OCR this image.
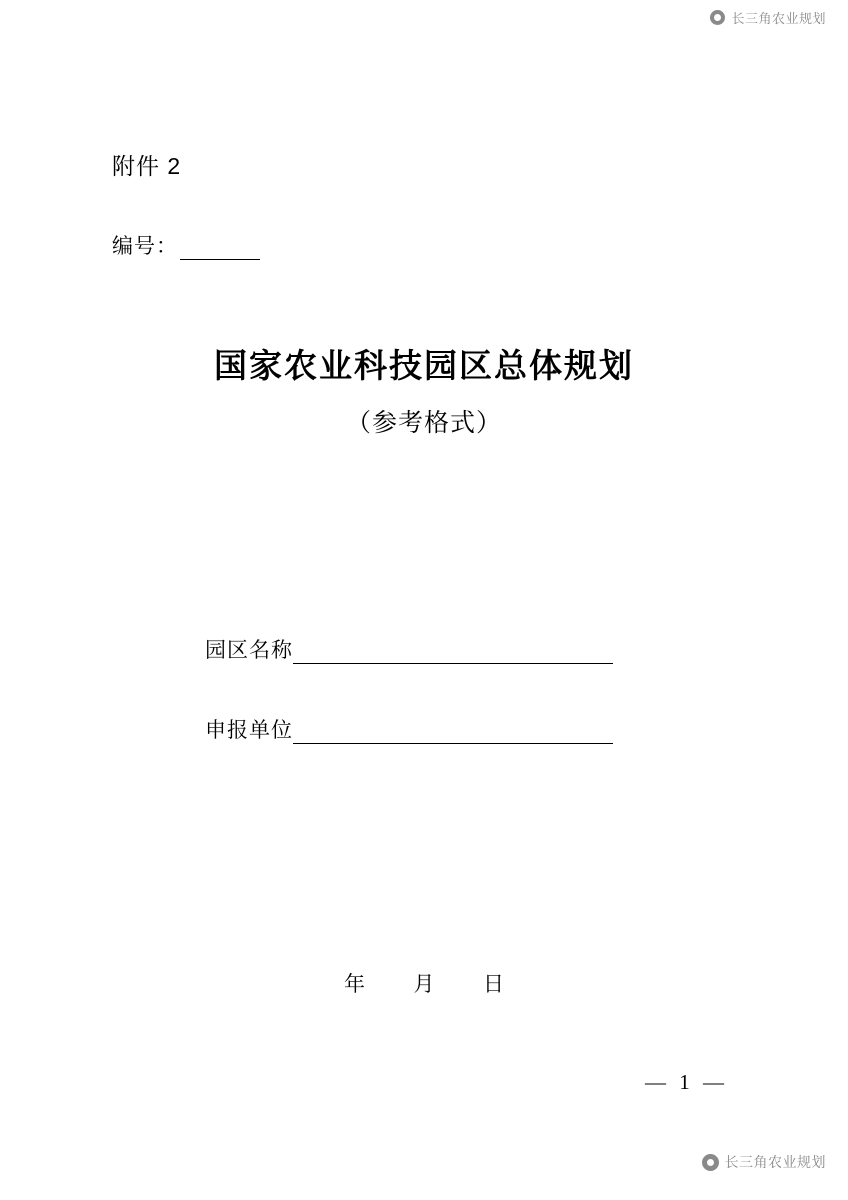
长三角农业规划
附件 2
编号：
国家农业科技园区总体规划
（参考格式）
园区名称
申报单位
年 月 日
— 1 —
长三角农业规划
